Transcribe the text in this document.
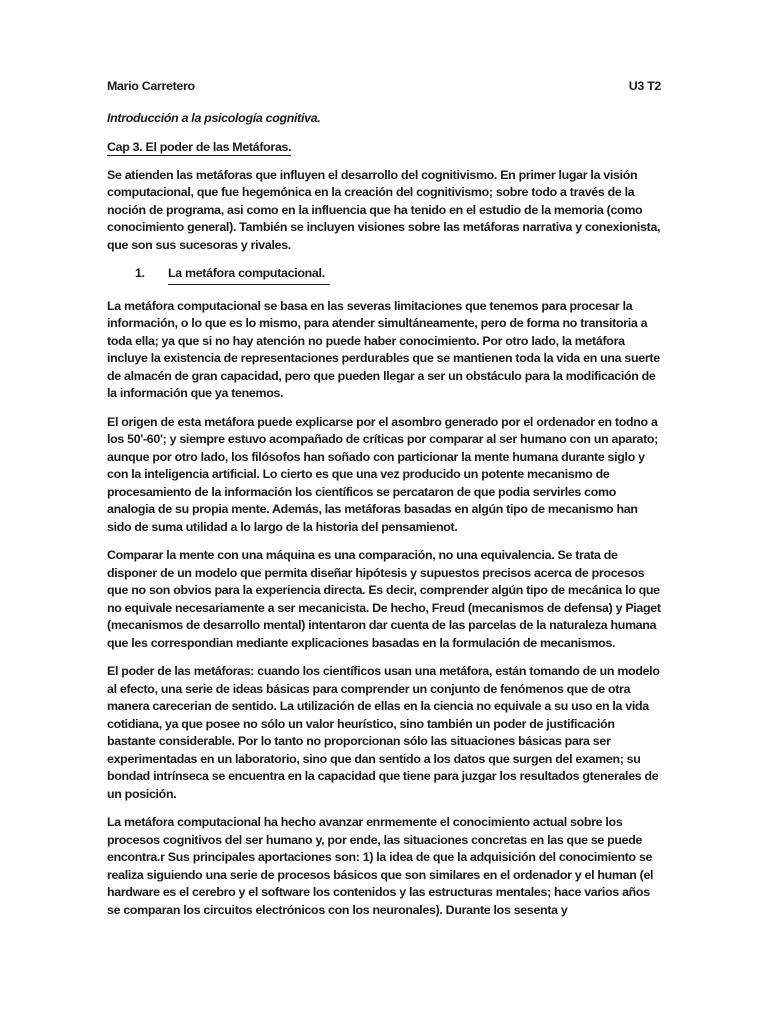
Mario Carretero	U3 T2

Introducción a la psicología cognitiva.

Cap 3. El poder de las Metáforas.

Se atienden las metáforas que influyen el desarrollo del cognitivismo. En primer lugar la visión computacional, que fue hegemónica en la creación del cognitivismo; sobre todo a través de la noción de programa, asi como en la influencia que ha tenido en el estudio de la memoria (como conocimiento general). También se incluyen visiones sobre las metáforas narrativa y conexionista, que son sus sucesoras y rivales.

1.	La metáfora computacional.

La metáfora computacional se basa en las severas limitaciones que tenemos para procesar la información, o lo que es lo mismo, para atender simultáneamente, pero de forma no transitoria a toda ella; ya que si no hay atención no puede haber conocimiento. Por otro lado, la metáfora incluye la existencia de representaciones perdurables que se mantienen toda la vida en una suerte de almacén de gran capacidad, pero que pueden llegar a ser un obstáculo para la modificación de la información que ya tenemos.

El origen de esta metáfora puede explicarse por el asombro generado por el ordenador en todno a los 50'-60'; y siempre estuvo acompañado de críticas por comparar al ser humano con un aparato; aunque por otro lado, los filósofos han soñado con particionar la mente humana durante siglo y con la inteligencia artificial. Lo cierto es que una vez producido un potente mecanismo de procesamiento de la información los científicos se percataron de que podia servirles como analogia de su propia mente. Además, las metáforas basadas en algún tipo de mecanismo han sido de suma utilidad a lo largo de la historia del pensamienot.

Comparar la mente con una máquina es una comparación, no una equivalencia. Se trata de disponer de un modelo que permita diseñar hipótesis y supuestos precisos acerca de procesos que no son obvios para la experiencia directa. Es decir, comprender algún tipo de mecánica lo que no equivale necesariamente a ser mecanicista. De hecho, Freud (mecanismos de defensa) y Piaget (mecanismos de desarrollo mental) intentaron dar cuenta de las parcelas de la naturaleza humana que les correspondian mediante explicaciones basadas en la formulación de mecanismos.

El poder de las metáforas: cuando los científicos usan una metáfora, están tomando de un modelo al efecto, una serie de ideas básicas para comprender un conjunto de fenómenos que de otra manera carecerian de sentido. La utilización de ellas en la ciencia no equivale a su uso en la vida cotidiana, ya que posee no sólo un valor heurístico, sino también un poder de justificación bastante considerable. Por lo tanto no proporcionan sólo las situaciones básicas para ser experimentadas en un laboratorio, sino que dan sentido a los datos que surgen del examen; su bondad intrínseca se encuentra en la capacidad que tiene para juzgar los resultados gtenerales de un posición.

La metáfora computacional ha hecho avanzar enrmemente el conocimiento actual sobre los procesos cognitivos del ser humano y, por ende, las situaciones concretas en las que se puede encontra.r Sus principales aportaciones son: 1) la idea de que la adquisición del conocimiento se realiza siguiendo una serie de procesos básicos que son similares en el ordenador y el human (el hardware es el cerebro y el software los contenidos y las estructuras mentales; hace varios años se comparan los circuitos electrónicos con los neuronales). Durante los sesenta y
